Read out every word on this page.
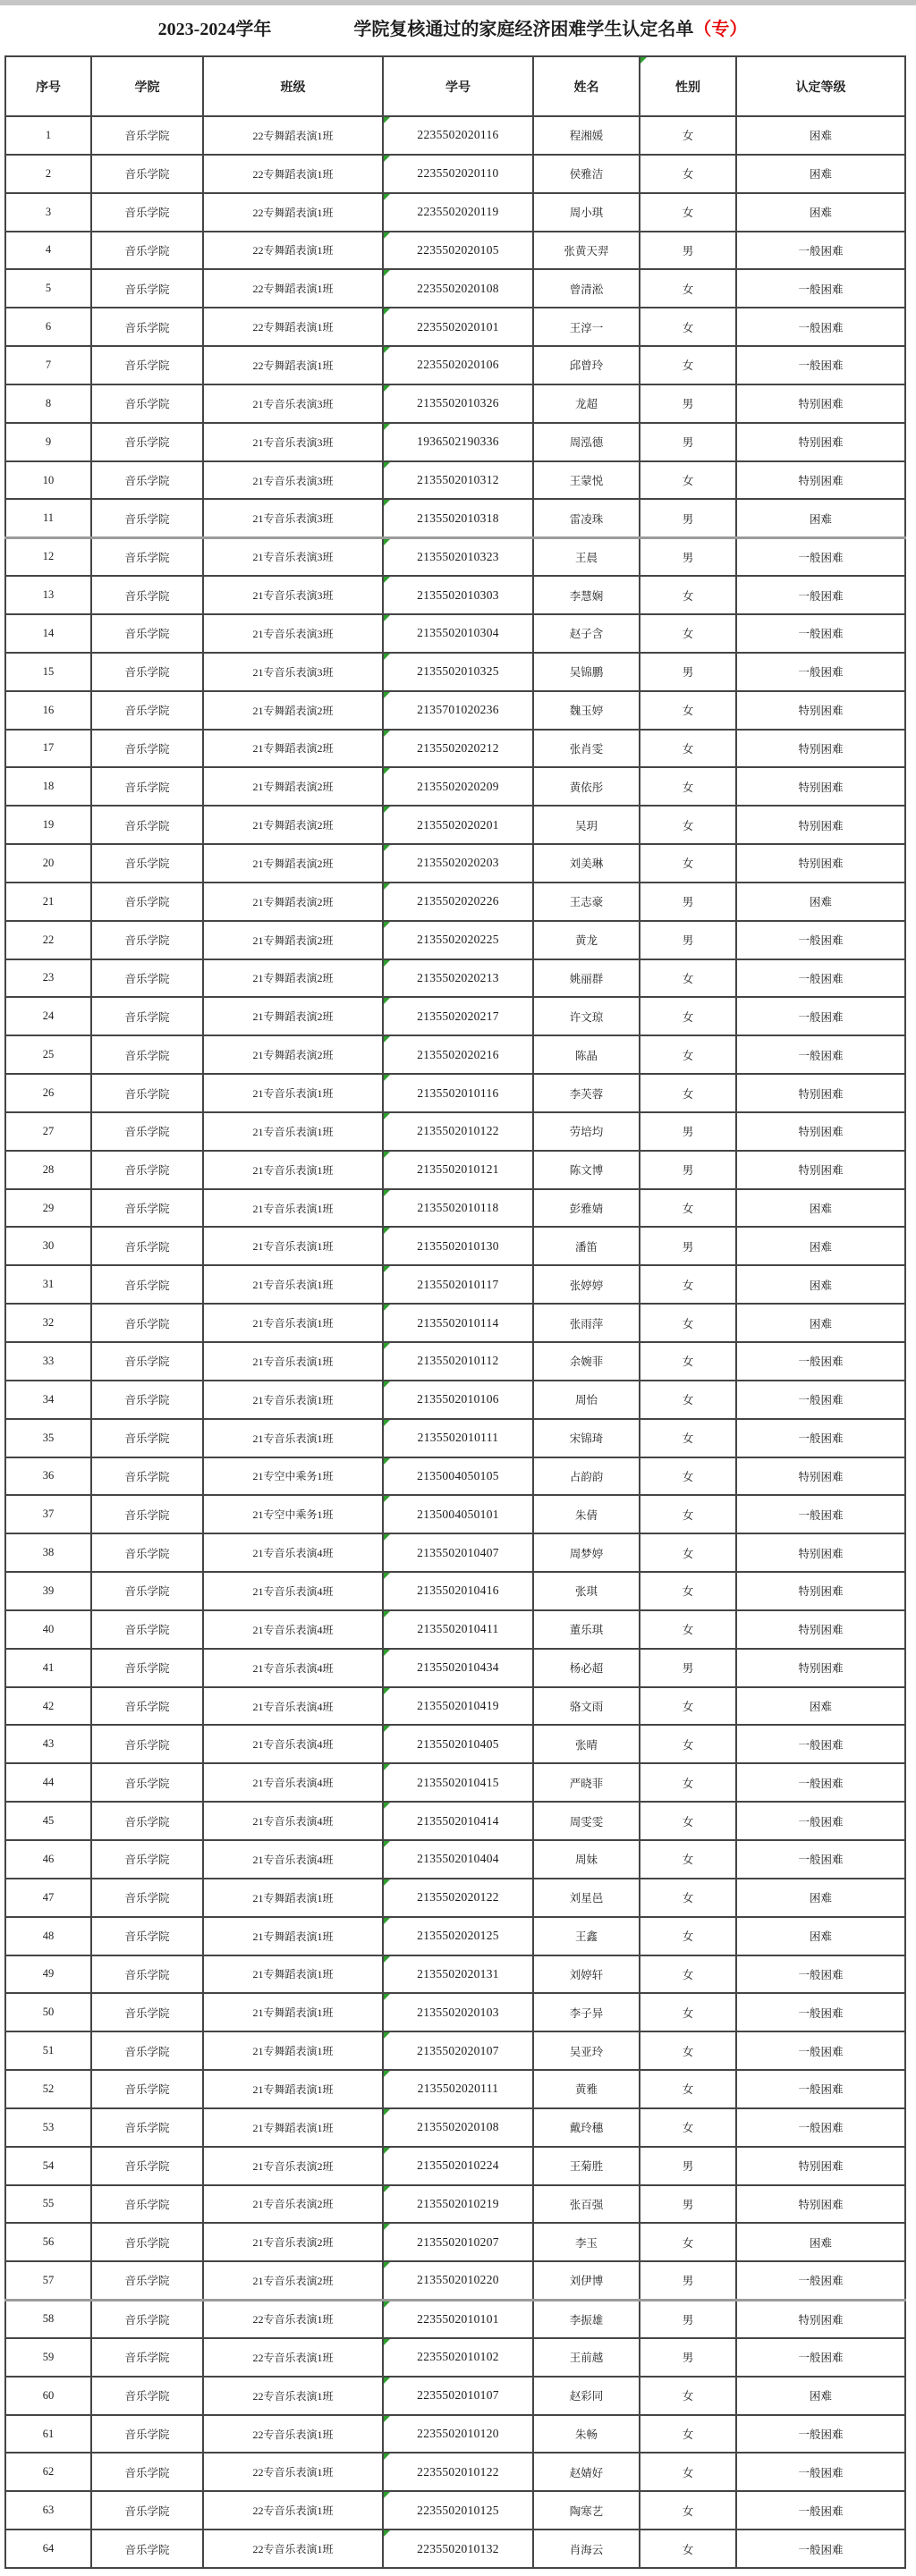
2023-2024学年	学院复核通过的家庭经济困难学生认定名单（专）
序号	学院	班级	学号	姓名	性别	认定等级
1	音乐学院	22专舞蹈表演1班	2235502020116	程湘媛	女	困难
2	音乐学院	22专舞蹈表演1班	2235502020110	侯雅洁	女	困难
3	音乐学院	22专舞蹈表演1班	2235502020119	周小琪	女	困难
4	音乐学院	22专舞蹈表演1班	2235502020105	张黄天羿	男	一般困难
5	音乐学院	22专舞蹈表演1班	2235502020108	曾清淞	女	一般困难
6	音乐学院	22专舞蹈表演1班	2235502020101	王淳一	女	一般困难
7	音乐学院	22专舞蹈表演1班	2235502020106	邱曾玲	女	一般困难
8	音乐学院	21专音乐表演3班	2135502010326	龙超	男	特别困难
9	音乐学院	21专音乐表演3班	1936502190336	周泓德	男	特别困难
10	音乐学院	21专音乐表演3班	2135502010312	王蒙悦	女	特别困难
11	音乐学院	21专音乐表演3班	2135502010318	雷凌珠	男	困难
12	音乐学院	21专音乐表演3班	2135502010323	王晨	男	一般困难
13	音乐学院	21专音乐表演3班	2135502010303	李慧娴	女	一般困难
14	音乐学院	21专音乐表演3班	2135502010304	赵子含	女	一般困难
15	音乐学院	21专音乐表演3班	2135502010325	吴锦鹏	男	一般困难
16	音乐学院	21专舞蹈表演2班	2135701020236	魏玉婷	女	特别困难
17	音乐学院	21专舞蹈表演2班	2135502020212	张肖雯	女	特别困难
18	音乐学院	21专舞蹈表演2班	2135502020209	黄依彤	女	特别困难
19	音乐学院	21专舞蹈表演2班	2135502020201	吴玥	女	特别困难
20	音乐学院	21专舞蹈表演2班	2135502020203	刘美琳	女	特别困难
21	音乐学院	21专舞蹈表演2班	2135502020226	王志豪	男	困难
22	音乐学院	21专舞蹈表演2班	2135502020225	黄龙	男	一般困难
23	音乐学院	21专舞蹈表演2班	2135502020213	姚丽群	女	一般困难
24	音乐学院	21专舞蹈表演2班	2135502020217	许文琼	女	一般困难
25	音乐学院	21专舞蹈表演2班	2135502020216	陈晶	女	一般困难
26	音乐学院	21专音乐表演1班	2135502010116	李芙蓉	女	特别困难
27	音乐学院	21专音乐表演1班	2135502010122	劳培均	男	特别困难
28	音乐学院	21专音乐表演1班	2135502010121	陈文博	男	特别困难
29	音乐学院	21专音乐表演1班	2135502010118	彭雅婧	女	困难
30	音乐学院	21专音乐表演1班	2135502010130	潘笛	男	困难
31	音乐学院	21专音乐表演1班	2135502010117	张婷婷	女	困难
32	音乐学院	21专音乐表演1班	2135502010114	张雨萍	女	困难
33	音乐学院	21专音乐表演1班	2135502010112	余婉菲	女	一般困难
34	音乐学院	21专音乐表演1班	2135502010106	周怡	女	一般困难
35	音乐学院	21专音乐表演1班	2135502010111	宋锦琦	女	一般困难
36	音乐学院	21专空中乘务1班	2135004050105	占韵韵	女	特别困难
37	音乐学院	21专空中乘务1班	2135004050101	朱倩	女	一般困难
38	音乐学院	21专音乐表演4班	2135502010407	周梦婷	女	特别困难
39	音乐学院	21专音乐表演4班	2135502010416	张琪	女	特别困难
40	音乐学院	21专音乐表演4班	2135502010411	董乐琪	女	特别困难
41	音乐学院	21专音乐表演4班	2135502010434	杨必超	男	特别困难
42	音乐学院	21专音乐表演4班	2135502010419	骆文雨	女	困难
43	音乐学院	21专音乐表演4班	2135502010405	张晴	女	一般困难
44	音乐学院	21专音乐表演4班	2135502010415	严晓菲	女	一般困难
45	音乐学院	21专音乐表演4班	2135502010414	周雯雯	女	一般困难
46	音乐学院	21专音乐表演4班	2135502010404	周妹	女	一般困难
47	音乐学院	21专舞蹈表演1班	2135502020122	刘星邑	女	困难
48	音乐学院	21专舞蹈表演1班	2135502020125	王鑫	女	困难
49	音乐学院	21专舞蹈表演1班	2135502020131	刘婷轩	女	一般困难
50	音乐学院	21专舞蹈表演1班	2135502020103	李子异	女	一般困难
51	音乐学院	21专舞蹈表演1班	2135502020107	吴亚玲	女	一般困难
52	音乐学院	21专舞蹈表演1班	2135502020111	黄雅	女	一般困难
53	音乐学院	21专舞蹈表演1班	2135502020108	戴玲穗	女	一般困难
54	音乐学院	21专音乐表演2班	2135502010224	王菊胜	男	特别困难
55	音乐学院	21专音乐表演2班	2135502010219	张百强	男	特别困难
56	音乐学院	21专音乐表演2班	2135502010207	李玉	女	困难
57	音乐学院	21专音乐表演2班	2135502010220	刘伊博	男	一般困难
58	音乐学院	22专音乐表演1班	2235502010101	李振雄	男	特别困难
59	音乐学院	22专音乐表演1班	2235502010102	王前越	男	一般困难
60	音乐学院	22专音乐表演1班	2235502010107	赵彩同	女	困难
61	音乐学院	22专音乐表演1班	2235502010120	朱畅	女	一般困难
62	音乐学院	22专音乐表演1班	2235502010122	赵婧好	女	一般困难
63	音乐学院	22专音乐表演1班	2235502010125	陶寒艺	女	一般困难
64	音乐学院	22专音乐表演1班	2235502010132	肖海云	女	一般困难
